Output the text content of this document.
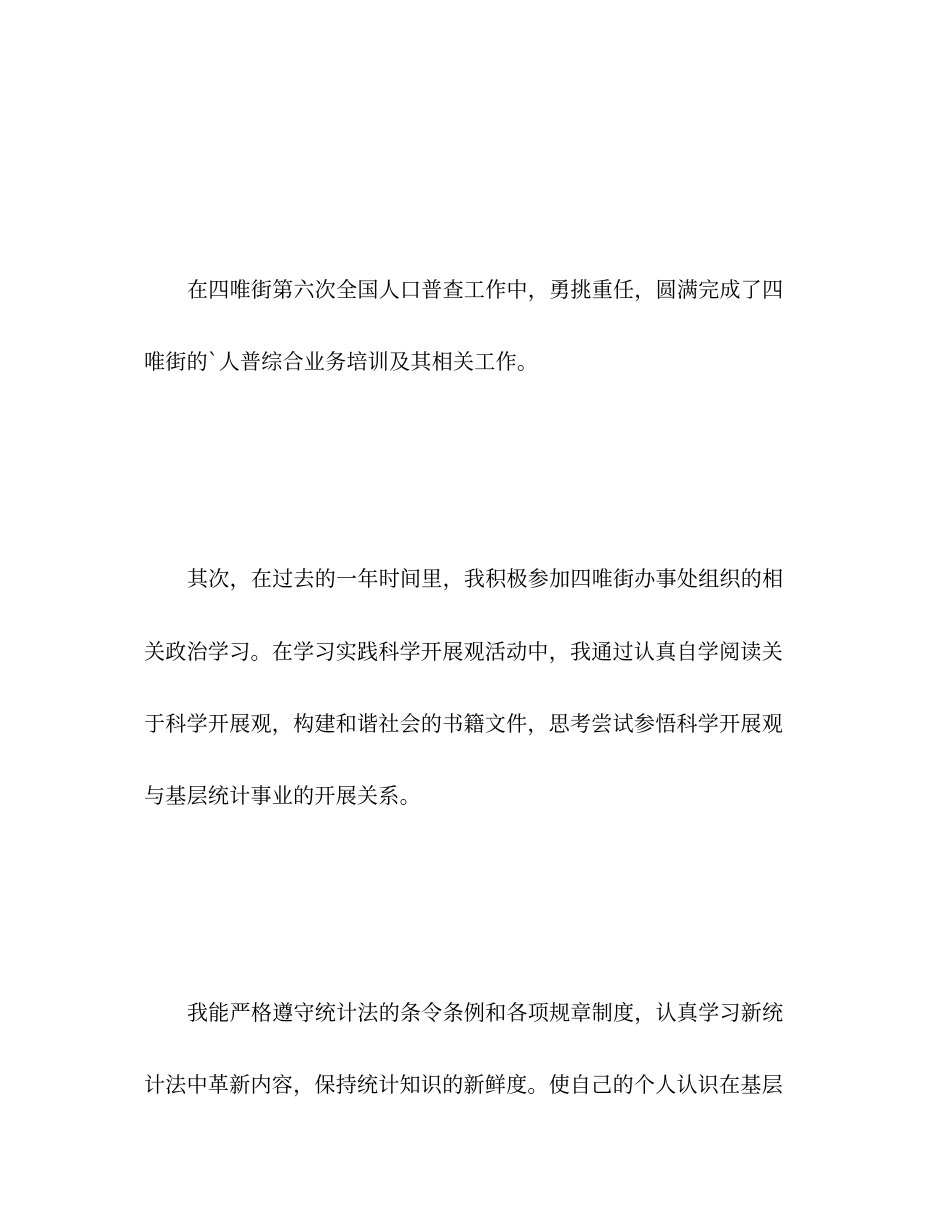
在四唯街第六次全国人口普查工作中，勇挑重任，圆满完成了四

唯街的`人普综合业务培训及其相关工作。

其次，在过去的一年时间里，我积极参加四唯街办事处组织的相

关政治学习。在学习实践科学开展观活动中，我通过认真自学阅读关

于科学开展观，构建和谐社会的书籍文件，思考尝试参悟科学开展观

与基层统计事业的开展关系。

我能严格遵守统计法的条令条例和各项规章制度，认真学习新统

计法中革新内容，保持统计知识的新鲜度。使自己的个人认识在基层
